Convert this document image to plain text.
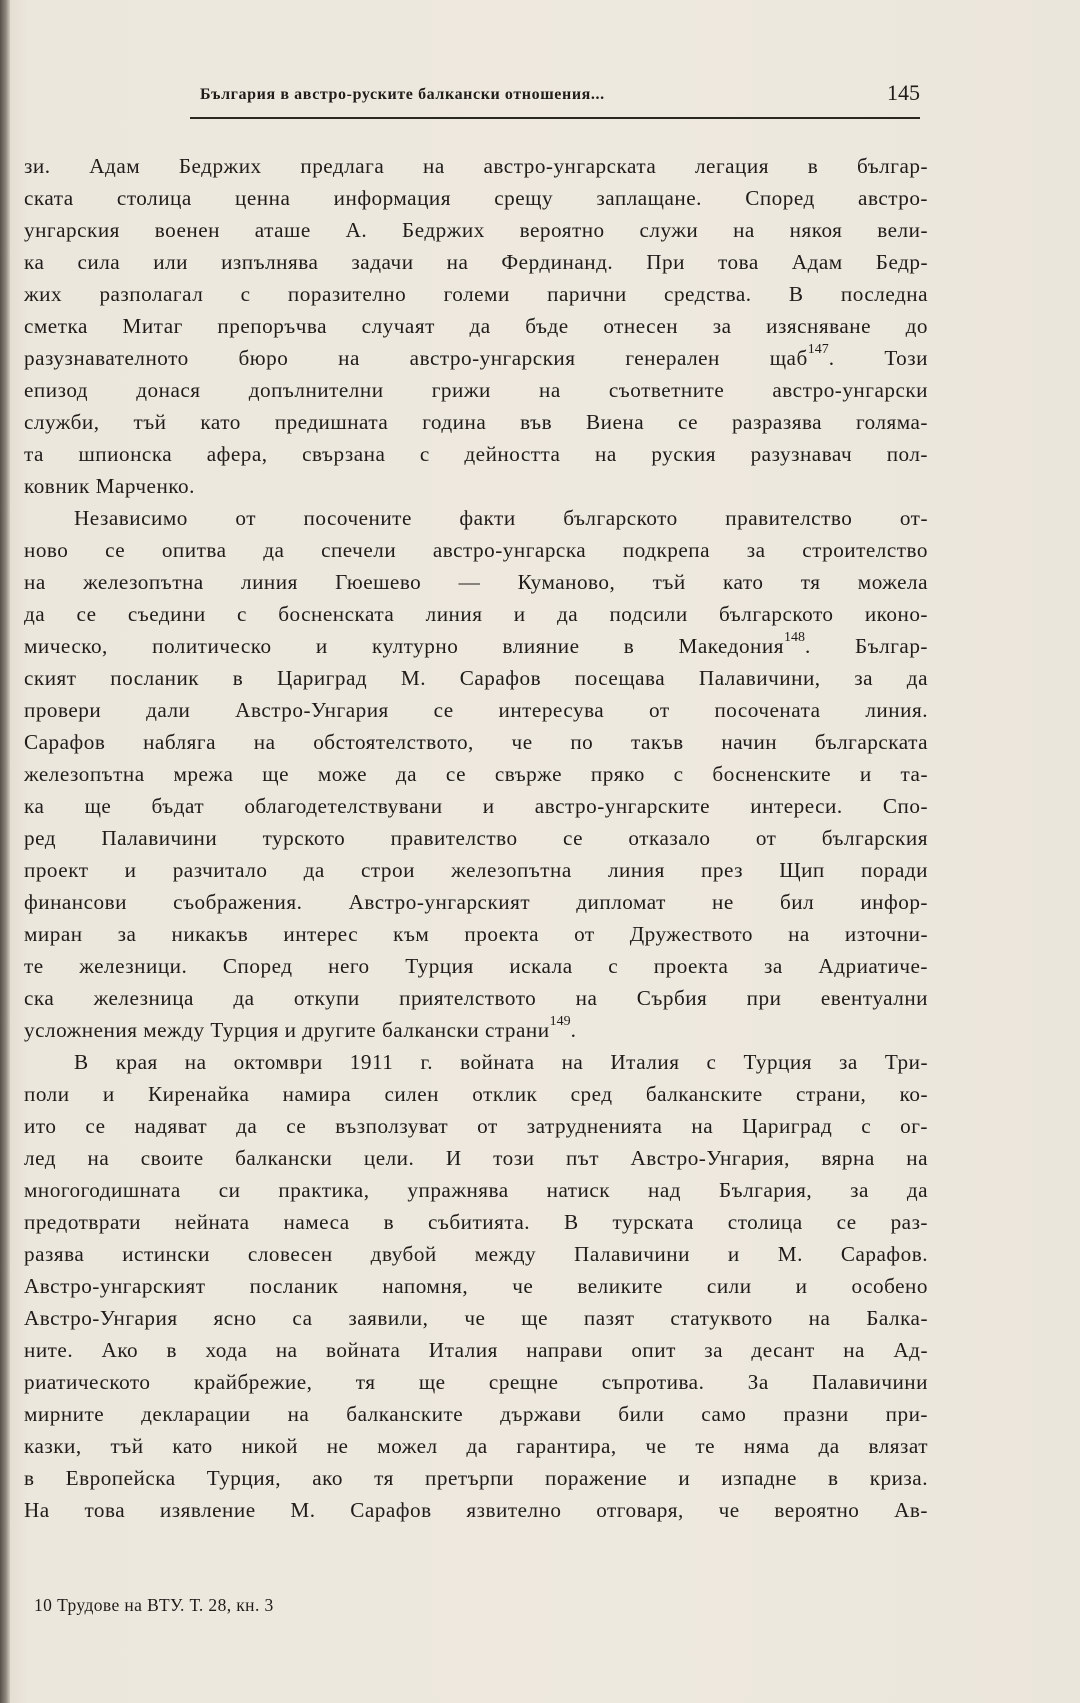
България в австро-руските балкански отношения...	145

зи. Адам Бедржих предлага на австро-унгарската легация в българ-
ската столица ценна информация срещу заплащане. Според австро-
унгарския военен аташе А. Бедржих вероятно служи на някоя вели-
ка сила или изпълнява задачи на Фердинанд. При това Адам Бедр-
жих разполагал с поразително големи парични средства. В последна
сметка Митаг препоръчва случаят да бъде отнесен за изясняване до
разузнавателното бюро на австро-унгарския генерален щаб$^{147}$. Този
епизод донася допълнителни грижи на съответните австро-унгарски
служби, тъй като предишната година във Виена се разразява голяма-
та шпионска афера, свързана с дейността на руския разузнавач пол-
ковник Марченко.

Независимо от посочените факти българското правителство от-
ново се опитва да спечели австро-унгарска подкрепа за строителство
на железопътна линия Гюешево — Куманово, тъй като тя можела
да се съедини с босненската линия и да подсили българското иконо-
мическо, политическо и културно влияние в Македония$^{148}$. Българ-
ският посланик в Цариград М. Сарафов посещава Палавичини, за да
провери дали Австро-Унгария се интересува от посочената линия.
Сарафов набляга на обстоятелството, че по такъв начин българската
железопътна мрежа ще може да се свърже пряко с босненските и та-
ка ще бъдат облагодетелствувани и австро-унгарските интереси. Спо-
ред Палавичини турското правителство се отказало от българския
проект и разчитало да строи железопътна линия през Щип поради
финансови съображения. Австро-унгарският дипломат не бил инфор-
миран за никакъв интерес към проекта от Дружеството на източни-
те железници. Според него Турция искала с проекта за Адриатиче-
ска железница да откупи приятелството на Сърбия при евентуални
усложнения между Турция и другите балкански страни$^{149}$.

В края на октомври 1911 г. войната на Италия с Турция за Три-
поли и Киренайка намира силен отклик сред балканските страни, ко-
ито се надяват да се възползуват от затрудненията на Цариград с ог-
лед на своите балкански цели. И този път Австро-Унгария, вярна на
многогодишната си практика, упражнява натиск над България, за да
предотврати нейната намеса в събитията. В турската столица се раз-
разява истински словесен двубой между Палавичини и М. Сарафов.
Австро-унгарският посланик напомня, че великите сили и особено
Австро-Унгария ясно са заявили, че ще пазят статуквото на Балка-
ните. Ако в хода на войната Италия направи опит за десант на Ад-
риатическото крайбрежие, тя ще срещне съпротива. За Палавичини
мирните декларации на балканските държави били само празни при-
казки, тъй като никой не можел да гарантира, че те няма да влязат
в Европейска Турция, ако тя претърпи поражение и изпадне в криза.
На това изявление М. Сарафов язвително отговаря, че вероятно Ав-

10 Трудове на ВТУ. Т. 28, кн. 3
